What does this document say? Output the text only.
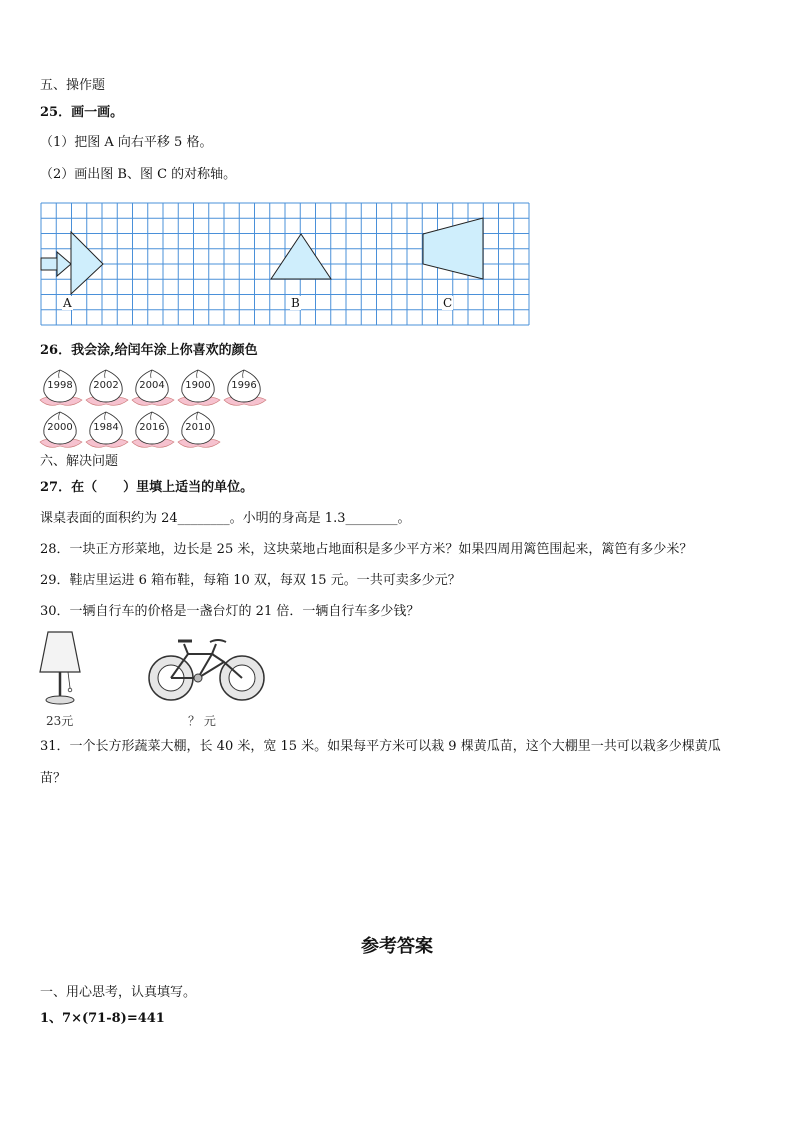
五、操作题
25．画一画。
（1）把图 A 向右平移 5 格。
（2）画出图 B、图 C 的对称轴。
A	B	C
26．我会涂,给闰年涂上你喜欢的颜色
1998	2002	2004	1900	1996
2000	1984	2016	2010
六、解决问题
27．在（　　）里填上适当的单位。
课桌表面的面积约为 24________。小明的身高是 1.3________。
28．一块正方形菜地，边长是 25 米，这块菜地占地面积是多少平方米？如果四周用篱笆围起来，篱笆有多少米？
29．鞋店里运进 6 箱布鞋，每箱 10 双，每双 15 元。一共可卖多少元？
30．一辆自行车的价格是一盏台灯的 21 倍．一辆自行车多少钱？
23元	？ 元
31．一个长方形蔬菜大棚，长 40 米，宽 15 米。如果每平方米可以栽 9 棵黄瓜苗，这个大棚里一共可以栽多少棵黄瓜
苗？
参考答案
一、用心思考，认真填写。
1、7×(71-8)=441
